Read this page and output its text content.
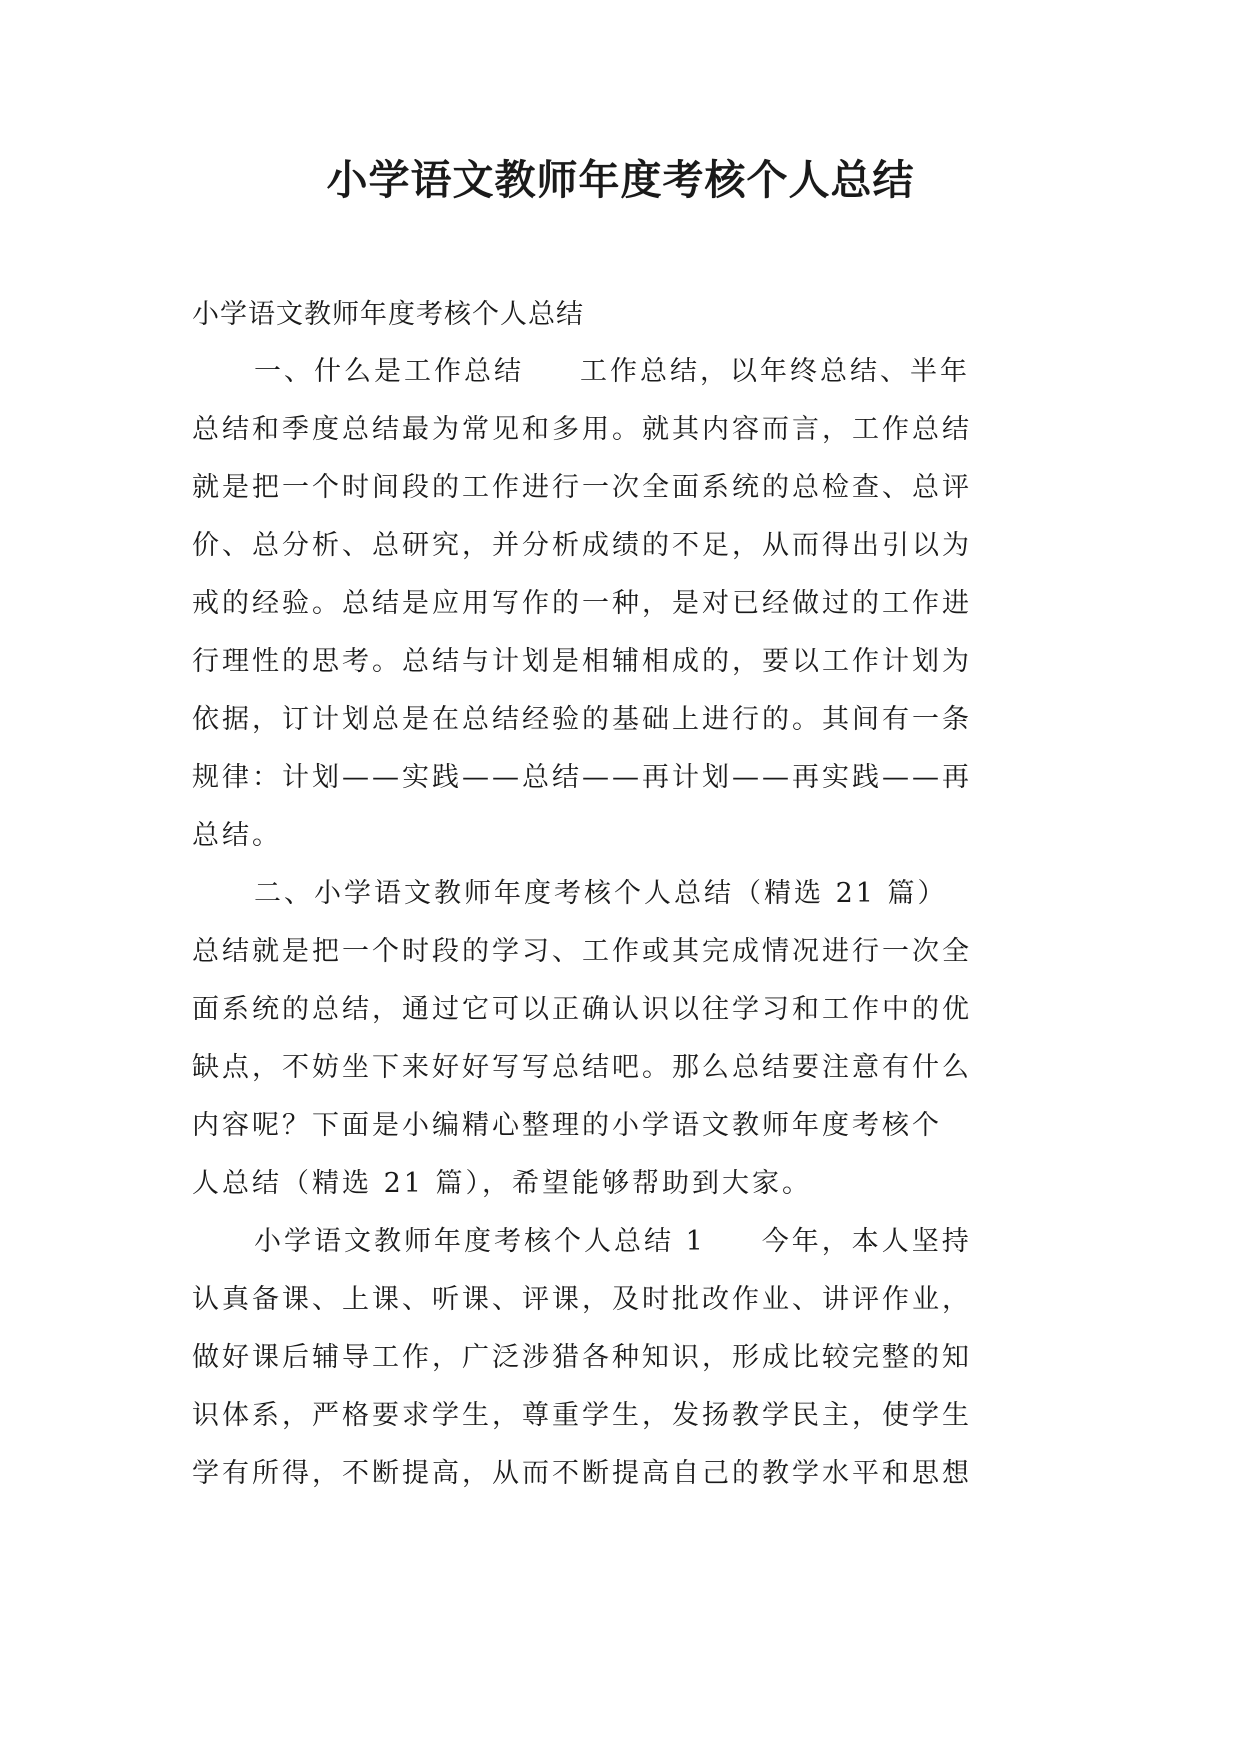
小学语文教师年度考核个人总结

小学语文教师年度考核个人总结

一、什么是工作总结 工作总结，以年终总结、半年
总结和季度总结最为常见和多用。就其内容而言，工作总结
就是把一个时间段的工作进行一次全面系统的总检查、总评
价、总分析、总研究，并分析成绩的不足，从而得出引以为
戒的经验。总结是应用写作的一种，是对已经做过的工作进
行理性的思考。总结与计划是相辅相成的，要以工作计划为
依据，订计划总是在总结经验的基础上进行的。其间有一条
规律：计划——实践——总结——再计划——再实践——再
总结。
二、小学语文教师年度考核个人总结（精选 21 篇）
总结就是把一个时段的学习、工作或其完成情况进行一次全
面系统的总结，通过它可以正确认识以往学习和工作中的优
缺点，不妨坐下来好好写写总结吧。那么总结要注意有什么
内容呢？下面是小编精心整理的小学语文教师年度考核个
人总结（精选 21 篇），希望能够帮助到大家。
小学语文教师年度考核个人总结 1 今年，本人坚持
认真备课、上课、听课、评课，及时批改作业、讲评作业，
做好课后辅导工作，广泛涉猎各种知识，形成比较完整的知
识体系，严格要求学生，尊重学生，发扬教学民主，使学生
学有所得，不断提高，从而不断提高自己的教学水平和思想
